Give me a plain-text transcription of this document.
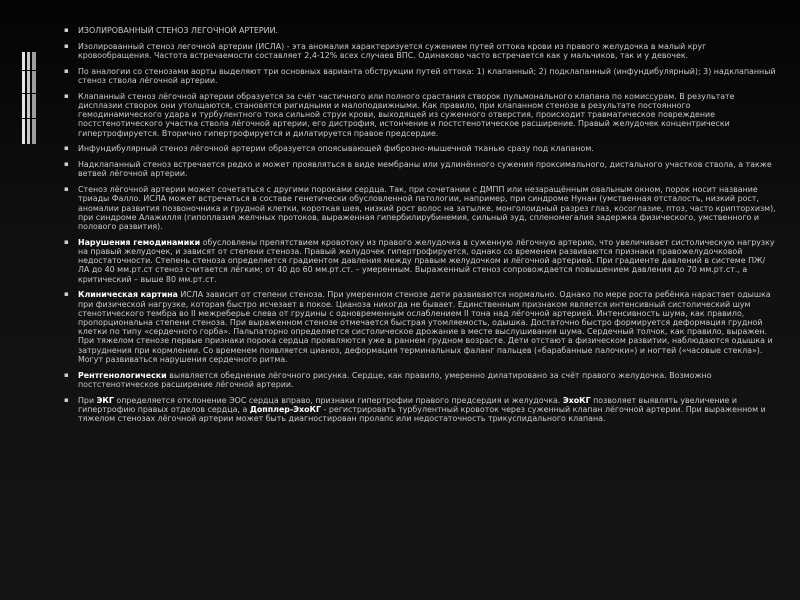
▪ ИЗОЛИРОВАННЫЙ СТЕНОЗ ЛЕГОЧНОЙ АРТЕРИИ.
▪ Изолированный стеноз легочной артерии (ИСЛА) - эта аномалия характеризуется сужением путей оттока крови из правого желудочка в малый круг кровообращения. Частота встречаемости составляет 2,4-12% всех случаев ВПС. Одинаково часто встречается как у мальчиков, так и у девочек.
▪ По аналогии со стенозами аорты выделяют три основных варианта обструкции путей оттока: 1) клапанный; 2) подклапанный (инфундибулярный); 3) надклапанный стеноз ствола лёгочной артерии.
▪ Клапанный стеноз лёгочной артерии образуется за счёт частичного или полного срастания створок пульмонального клапана по комиссурам. В результате дисплазии створок они утолщаются, становятся ригидными и малоподвижными. Как правило, при клапанном стенозе в результате постоянного гемодинамического удара и турбулентного тока сильной струи крови, выходящей из суженного отверстия, происходит травматическое повреждение постстенотического участка ствола лёгочной артерии, его дистрофия, истончение и постстенотическое расширение. Правый желудочек концентрически гипертрофируется. Вторично гипертрофируется и дилатируется правое предсердие.
▪ Инфундибулярный стеноз лёгочной артерии образуется опоясывающей фиброзно-мышечной тканью сразу под клапаном.
▪ Надклапанный стеноз встречается редко и может проявляться в виде мембраны или удлинённого сужения проксимального, дистального участков ствола, а также ветвей лёгочной артерии.
▪ Стеноз лёгочной артерии может сочетаться с другими пороками сердца. Так, при сочетании с ДМПП или незаращённым овальным окном, порок носит название триады Фалло. ИСЛА может встречаться в составе генетически обусловленной патологии, например, при синдроме Нунан (умственная отсталость, низкий рост, аномалии развития позвоночника и грудной клетки, короткая шея, низкий рост волос на затылке, монголоидный разрез глаз, косоглазие, птоз, часто крипторхизм), при синдроме Алажилля (гипоплазия желчных протоков, выраженная гипербилирубинемия, сильный зуд, спленомегалия задержка физического, умственного и полового развития).
▪ Нарушения гемодинамики обусловлены препятствием кровотоку из правого желудочка в суженную лёгочную артерию, что увеличивает систолическую нагрузку на правый желудочек, и зависят от степени стеноза. Правый желудочек гипертрофируется, однако со временем развиваются признаки правожелудочковой недостаточности. Степень стеноза определяется градиентом давления между правым желудочком и лёгочной артерией. При градиенте давлений в системе ПЖ/ЛА до 40 мм.рт.ст стеноз считается лёгким; от 40 до 60 мм.рт.ст. – умеренным. Выраженный стеноз сопровождается повышением давления до 70 мм.рт.ст., а критический – выше 80 мм.рт.ст.
▪ Клиническая картина ИСЛА зависит от степени стеноза. При умеренном стенозе дети развиваются нормально. Однако по мере роста ребёнка нарастает одышка при физической нагрузке, которая быстро исчезает в покое. Цианоза никогда не бывает. Единственным признаком является интенсивный систолический шум стенотического тембра во II межреберье слева от грудины с одновременным ослаблением II тона над лёгочной артерией. Интенсивность шума, как правило, пропорциональна степени стеноза. При выраженном стенозе отмечается быстрая утомляемость, одышка. Достаточно быстро формируется деформация грудной клетки по типу «сердечного горба». Пальпаторно определяется систолическое дрожание в месте выслушивания шума. Сердечный толчок, как правило, выражен. При тяжелом стенозе первые признаки порока сердца проявляются уже в раннем грудном возрасте. Дети отстают в физическом развитии, наблюдаются одышка и затруднения при кормлении. Со временем появляется цианоз, деформация терминальных фаланг пальцев («барабанные палочки») и ногтей («часовые стекла»). Могут развиваться нарушения сердечного ритма.
▪ Рентгенологически выявляется обеднение лёгочного рисунка. Сердце, как правило, умеренно дилатировано за счёт правого желудочка. Возможно постстенотическое расширение лёгочной артерии.
▪ При ЭКГ определяется отклонение ЭОС сердца вправо, признаки гипертрофии правого предсердия и желудочка. ЭхоКГ позволяет выявлять увеличение и гипертрофию правых отделов сердца, а Допплер-ЭхоКГ - регистрировать турбулентный кровоток через суженный клапан лёгочной артерии. При выраженном и тяжелом стенозах лёгочной артерии может быть диагностирован пролапс или недостаточность трикуспидального клапана.
